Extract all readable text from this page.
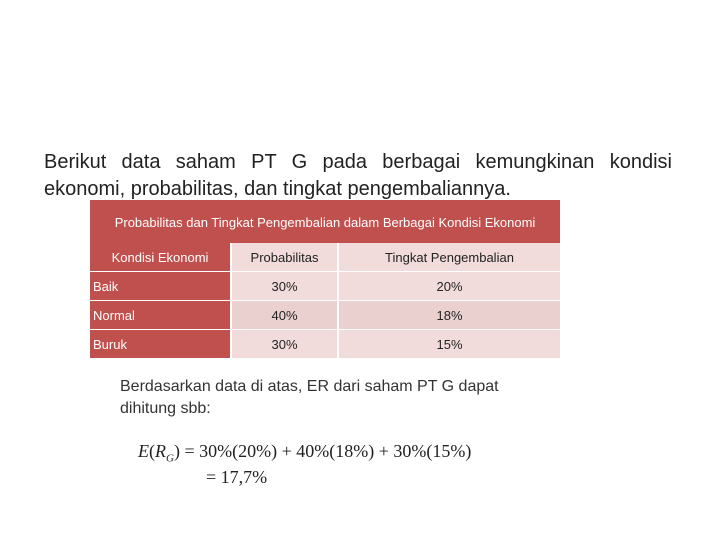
Berikut data saham PT G pada berbagai kemungkinan kondisi ekonomi, probabilitas, dan tingkat pengembaliannya.

Probabilitas dan Tingkat Pengembalian dalam Berbagai Kondisi Ekonomi		
Kondisi Ekonomi	Probabilitas	Tingkat Pengembalian
Baik	30%	20%
Normal	40%	18%
Buruk	30%	15%
Berdasarkan data di atas, ER dari saham PT G dapat dihitung sbb:
$E(R_G) = 30\%(20\%) + 40\%(18\%) + 30\%(15\%)$
= 17,7%
